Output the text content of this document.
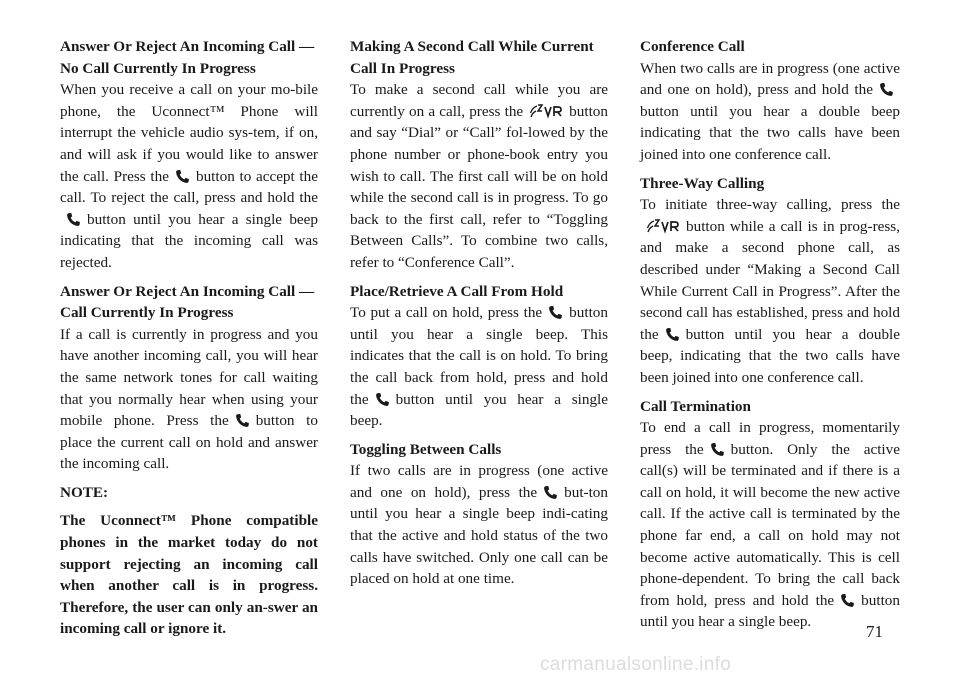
Answer Or Reject An Incoming Call — No Call Currently In Progress
When you receive a call on your mo-bile phone, the Uconnect™ Phone will interrupt the vehicle audio sys-tem, if on, and will ask if you would like to answer the call. Press the button to accept the call. To reject the call, press and hold the
button until you hear a single beep indicating that the incoming call was rejected.
Answer Or Reject An Incoming Call — Call Currently In Progress
If a call is currently in progress and you have another incoming call, you will hear the same network tones for call waiting that you normally hear when using your mobile phone. Press the button to place the current call on hold and answer the incoming call.
NOTE:
The Uconnect™ Phone compatible phones in the market today do not support rejecting an incoming call when another call is in progress. Therefore, the user can only an-swer an incoming call or ignore it.
Making A Second Call While Current Call In Progress
To make a second call while you are currently on a call, press the	button and say “Dial” or “Call” fol-lowed by the phone number or phone-book entry you wish to call. The first call will be on hold while the second call is in progress. To go back to the first call, refer to “Toggling Between Calls”. To combine two calls, refer to “Conference Call”.
Place/Retrieve A Call From Hold
To put a call on hold, press the button until you hear a single beep. This indicates that the call is on hold. To bring the call back from hold, press and hold the button until you hear a single beep.
Toggling Between Calls
If two calls are in progress (one active and one on hold), press the but-ton until you hear a single beep indi-cating that the active and hold status of the two calls have switched. Only one call can be placed on hold at one time.
Conference Call
When two calls are in progress (one active and one on hold), press and hold the
button until you hear a double beep indicating that the two calls have been joined into one conference call.
Three-Way Calling
To initiate three-way calling, press the
button while a call is in prog-ress, and make a second phone call, as described under “Making a Second Call While Current Call in Progress”. After the second call has established, press and hold the button until you hear a double beep, indicating that the two calls have been joined into one conference call.
Call Termination
To end a call in progress, momentarily press the button. Only the active call(s) will be terminated and if there is a call on hold, it will become the new active call. If the active call is terminated by the phone far end, a call on hold may not become active automatically. This is cell phone-dependent. To bring the call back from hold, press and hold the button until you hear a single beep.
71
carmanualsonline.info
